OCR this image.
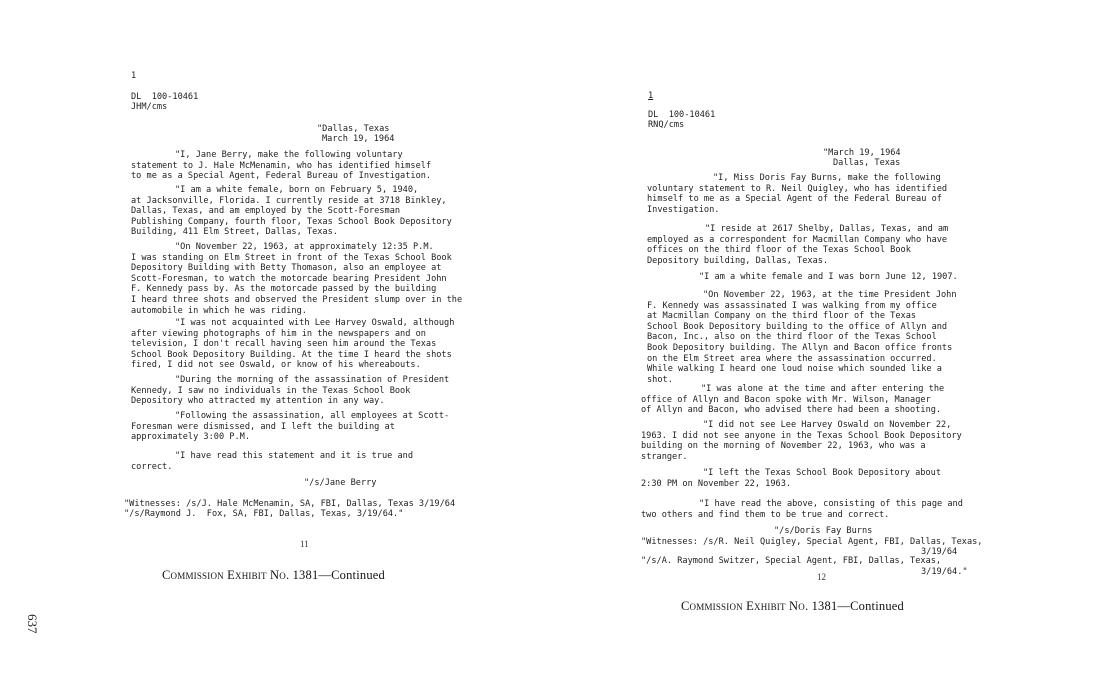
637
1
DL  100-10461
JHM/cms
"Dallas, Texas
March 19, 1964
"I, Jane Berry, make the following voluntary
statement to J. Hale McMenamin, who has identified himself
to me as a Special Agent, Federal Bureau of Investigation.
"I am a white female, born on February 5, 1940,
at Jacksonville, Florida. I currently reside at 3718 Binkley,
Dallas, Texas, and am employed by the Scott-Foresman
Publishing Company, fourth floor, Texas School Book Depository
Building, 411 Elm Street, Dallas, Texas.
"On November 22, 1963, at approximately 12:35 P.M.
I was standing on Elm Street in front of the Texas School Book
Depository Building with Betty Thomason, also an employee at
Scott-Foresman, to watch the motorcade bearing President John
F. Kennedy pass by. As the motorcade passed by the building
I heard three shots and observed the President slump over in the
automobile in which he was riding.
"I was not acquainted with Lee Harvey Oswald, although
after viewing photographs of him in the newspapers and on
television, I don't recall having seen him around the Texas
School Book Depository Building. At the time I heard the shots
fired, I did not see Oswald, or know of his whereabouts.
"During the morning of the assassination of President
Kennedy, I saw no individuals in the Texas School Book
Depository who attracted my attention in any way.
"Following the assassination, all employees at Scott-
Foresman were dismissed, and I left the building at
approximately 3:00 P.M.
"I have read this statement and it is true and
correct.
"/s/Jane Berry
"Witnesses: /s/J. Hale McMenamin, SA, FBI, Dallas, Texas 3/19/64
"/s/Raymond J.  Fox, SA, FBI, Dallas, Texas, 3/19/64."
11
Commission Exhibit No. 1381—Continued
1
DL  100-10461
RNQ/cms
"March 19, 1964
Dallas, Texas
"I, Miss Doris Fay Burns, make the following
voluntary statement to R. Neil Quigley, who has identified
himself to me as a Special Agent of the Federal Bureau of
Investigation.
"I reside at 2617 Shelby, Dallas, Texas, and am
employed as a correspondent for Macmillan Company who have
offices on the third floor of the Texas School Book
Depository building, Dallas, Texas.
"I am a white female and I was born June 12, 1907.
"On November 22, 1963, at the time President John
F. Kennedy was assassinated I was walking from my office
at Macmillan Company on the third floor of the Texas
School Book Depository building to the office of Allyn and
Bacon, Inc., also on the third floor of the Texas School
Book Depository building. The Allyn and Bacon office fronts
on the Elm Street area where the assassination occurred.
While walking I heard one loud noise which sounded like a
shot.
"I was alone at the time and after entering the
office of Allyn and Bacon spoke with Mr. Wilson, Manager
of Allyn and Bacon, who advised there had been a shooting.
"I did not see Lee Harvey Oswald on November 22,
1963. I did not see anyone in the Texas School Book Depository
building on the morning of November 22, 1963, who was a
stranger.
"I left the Texas School Book Depository about
2:30 PM on November 22, 1963.
"I have read the above, consisting of this page and
two others and find them to be true and correct.
"/s/Doris Fay Burns
"Witnesses: /s/R. Neil Quigley, Special Agent, FBI, Dallas, Texas,
3/19/64
"/s/A. Raymond Switzer, Special Agent, FBI, Dallas, Texas,
3/19/64."
12
Commission Exhibit No. 1381—Continued
